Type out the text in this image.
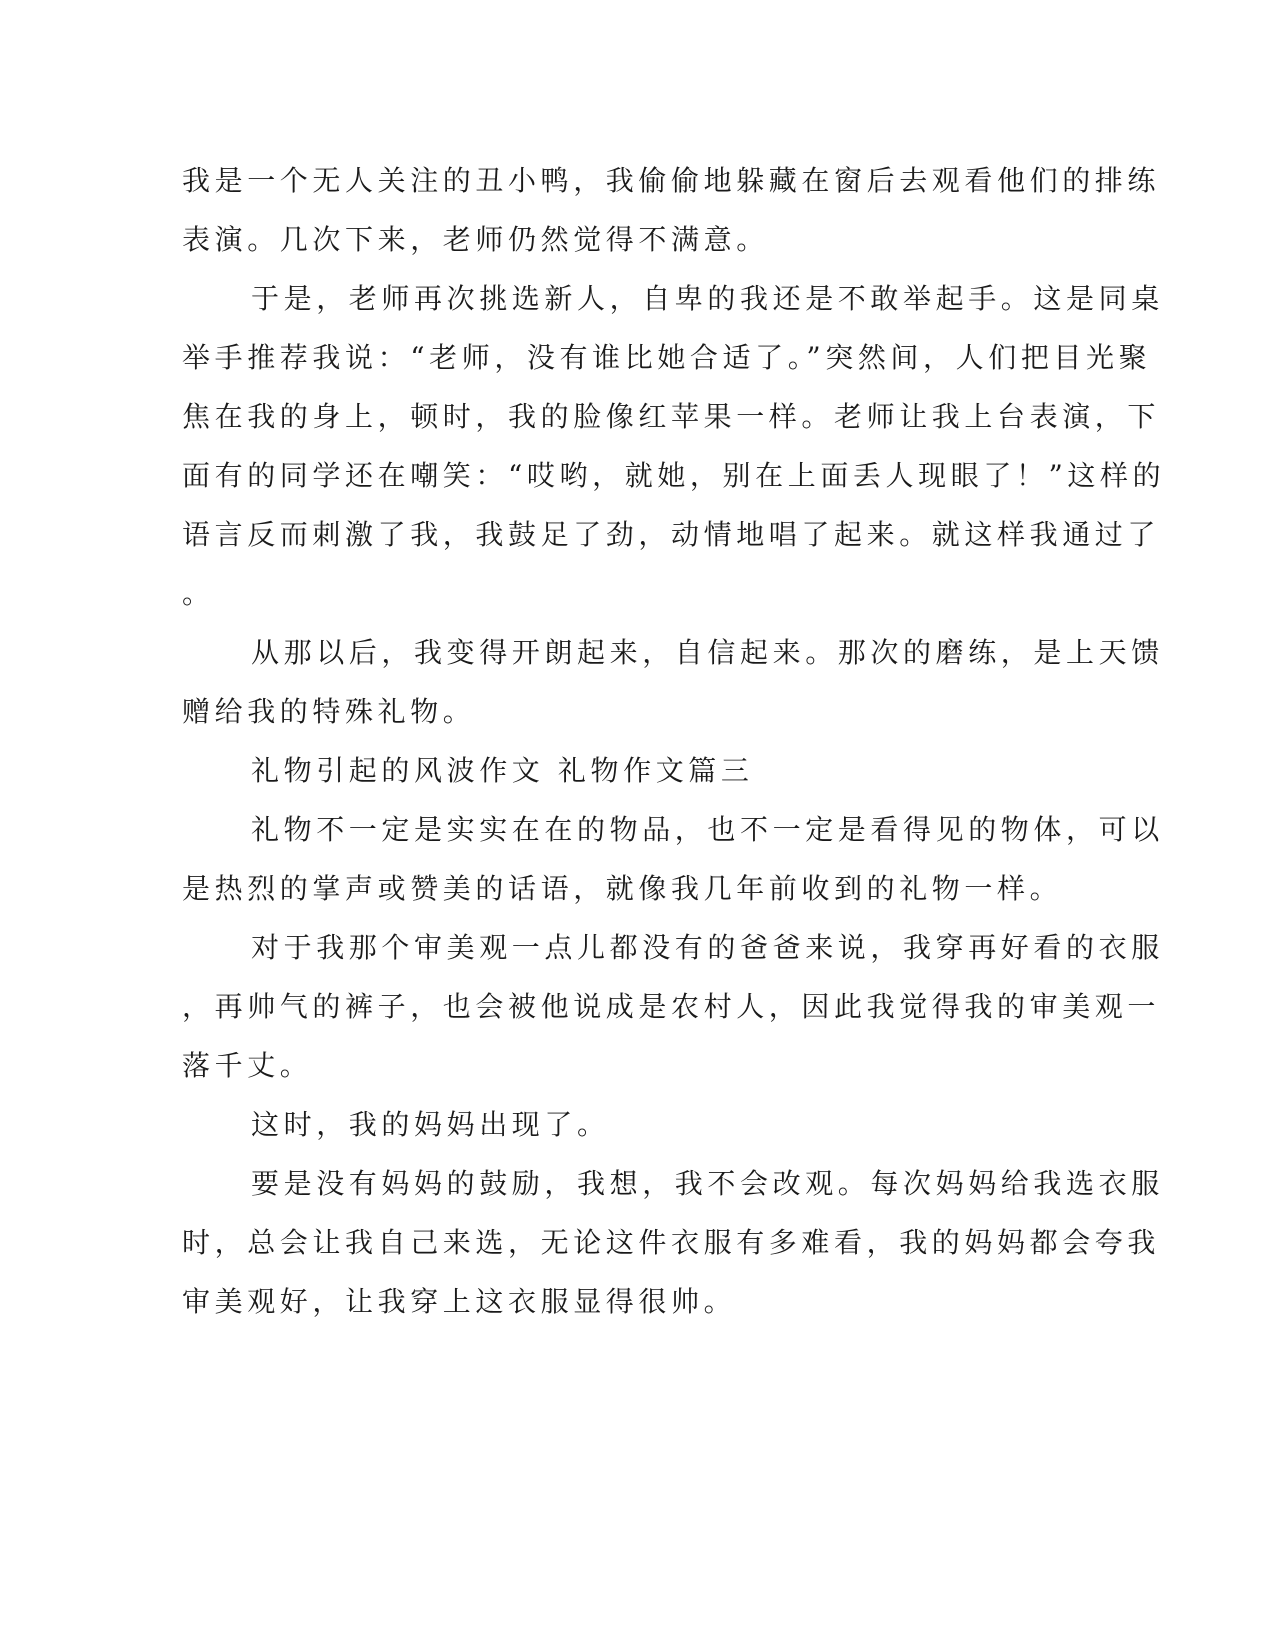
我是一个无人关注的丑小鸭，我偷偷地躲藏在窗后去观看他们的排练

表演。几次下来，老师仍然觉得不满意。

于是，老师再次挑选新人，自卑的我还是不敢举起手。这是同桌

举手推荐我说：“老师，没有谁比她合适了。”突然间，人们把目光聚

焦在我的身上，顿时，我的脸像红苹果一样。老师让我上台表演，下

面有的同学还在嘲笑：“哎哟，就她，别在上面丢人现眼了！”这样的

语言反而刺激了我，我鼓足了劲，动情地唱了起来。就这样我通过了

。

从那以后，我变得开朗起来，自信起来。那次的磨练，是上天馈

赠给我的特殊礼物。

礼物引起的风波作文 礼物作文篇三

礼物不一定是实实在在的物品，也不一定是看得见的物体，可以

是热烈的掌声或赞美的话语，就像我几年前收到的礼物一样。

对于我那个审美观一点儿都没有的爸爸来说，我穿再好看的衣服

，再帅气的裤子，也会被他说成是农村人，因此我觉得我的审美观一

落千丈。

这时，我的妈妈出现了。

要是没有妈妈的鼓励，我想，我不会改观。每次妈妈给我选衣服

时，总会让我自己来选，无论这件衣服有多难看，我的妈妈都会夸我

审美观好，让我穿上这衣服显得很帅。
